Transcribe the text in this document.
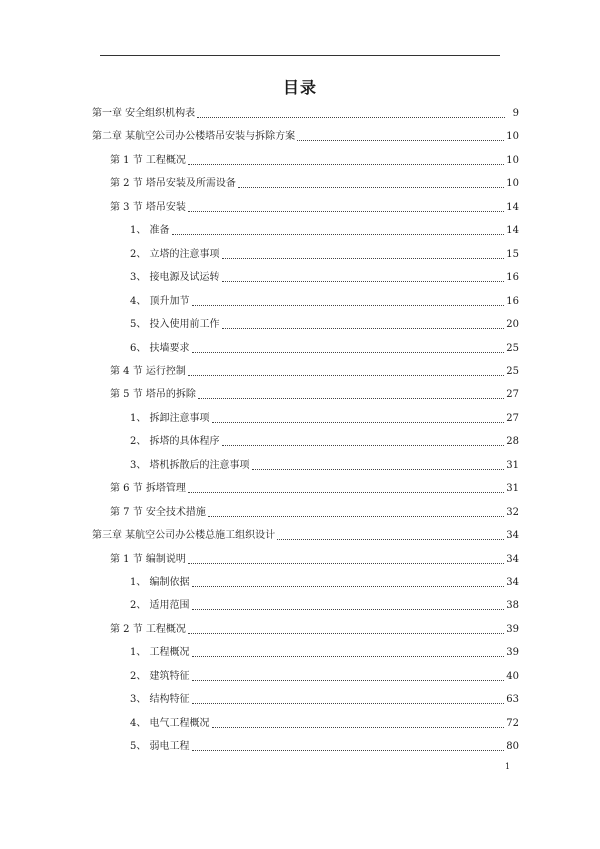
目录
第一章 安全组织机构表	9
第二章 某航空公司办公楼塔吊安装与拆除方案	10
第 1 节 工程概况	10
第 2 节 塔吊安装及所需设备	10
第 3 节 塔吊安装	14
1、 准备	14
2、 立塔的注意事项	15
3、 接电源及试运转	16
4、 顶升加节	16
5、 投入使用前工作	20
6、 扶墙要求	25
第 4 节 运行控制	25
第 5 节 塔吊的拆除	27
1、 拆卸注意事项	27
2、 拆塔的具体程序	28
3、 塔机拆散后的注意事项	31
第 6 节 拆塔管理	31
第 7 节 安全技术措施	32
第三章 某航空公司办公楼总施工组织设计	34
第 1 节 编制说明	34
1、 编制依据	34
2、 适用范围	38
第 2 节 工程概况	39
1、 工程概况	39
2、 建筑特征	40
3、 结构特征	63
4、 电气工程概况	72
5、 弱电工程	80
1
